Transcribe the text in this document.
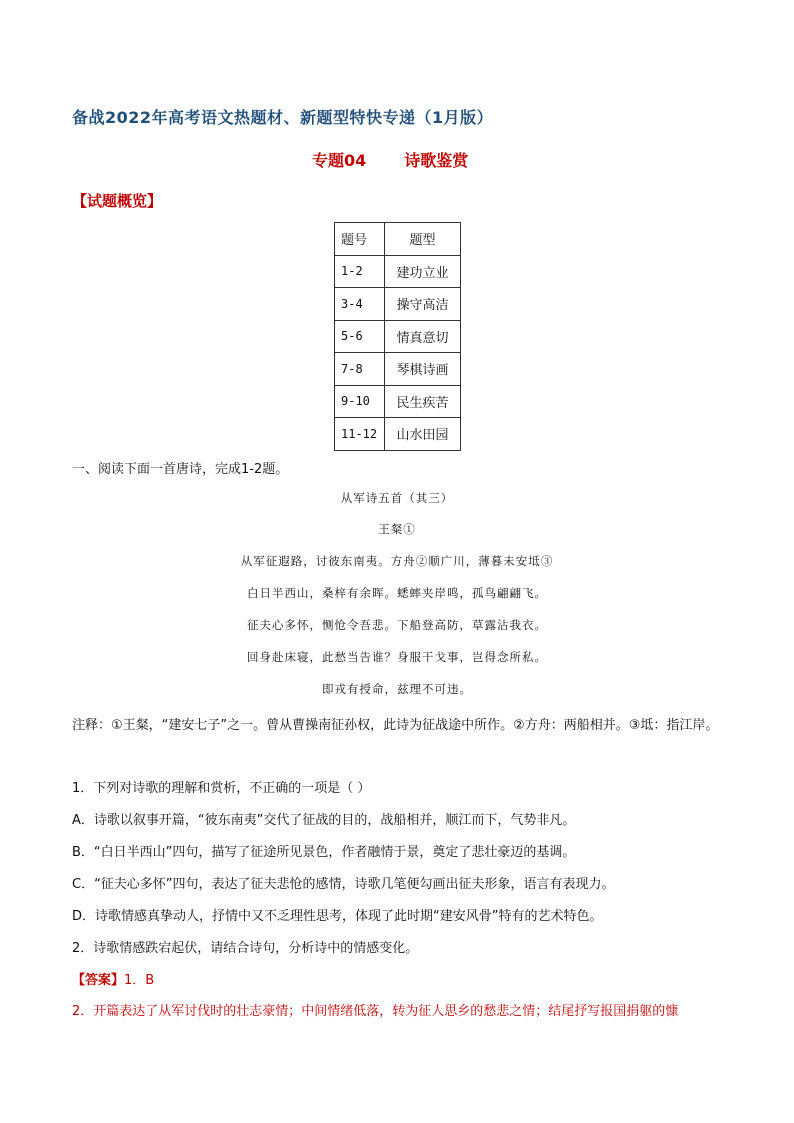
备战2022年高考语文热题材、新题型特快专递（1月版）
专题04 诗歌鉴赏
【试题概览】
题号	题型
1-2	建功立业
3-4	操守高洁
5-6	情真意切
7-8	琴棋诗画
9-10	民生疾苦
11-12	山水田园
一、阅读下面一首唐诗，完成1-2题。
从军诗五首（其三）
王粲①
从军征遐路，讨彼东南夷。方舟②顺广川，薄暮未安坻③
白日半西山，桑梓有余晖。蟋蟀夹岸鸣，孤鸟翩翩飞。
征夫心多怀，恻怆令吾悲。下船登高防，草露沾我衣。
回身赴床寝，此愁当告谁？身服干戈事，岂得念所私。
即戎有授命，兹理不可违。
注释：①王粲，“建安七子”之一。曾从曹操南征孙权，此诗为征战途中所作。②方舟：两船相并。③坻：指江岸。
1．下列对诗歌的理解和赏析，不正确的一项是（ ）
A．诗歌以叙事开篇，“彼东南夷”交代了征战的目的，战船相并，顺江而下，气势非凡。
B．“白日半西山”四句，描写了征途所见景色，作者融情于景，奠定了悲壮豪迈的基调。
C．“征夫心多怀”四句，表达了征夫悲怆的感情，诗歌几笔便勾画出征夫形象，语言有表现力。
D．诗歌情感真挚动人，抒情中又不乏理性思考，体现了此时期“建安风骨”特有的艺术特色。
2．诗歌情感跌宕起伏，请结合诗句，分析诗中的情感变化。
【答案】1．B
2．开篇表达了从军讨伐时的壮志豪情；中间情绪低落，转为征人思乡的愁悲之情；结尾抒写报国捐躯的慷
